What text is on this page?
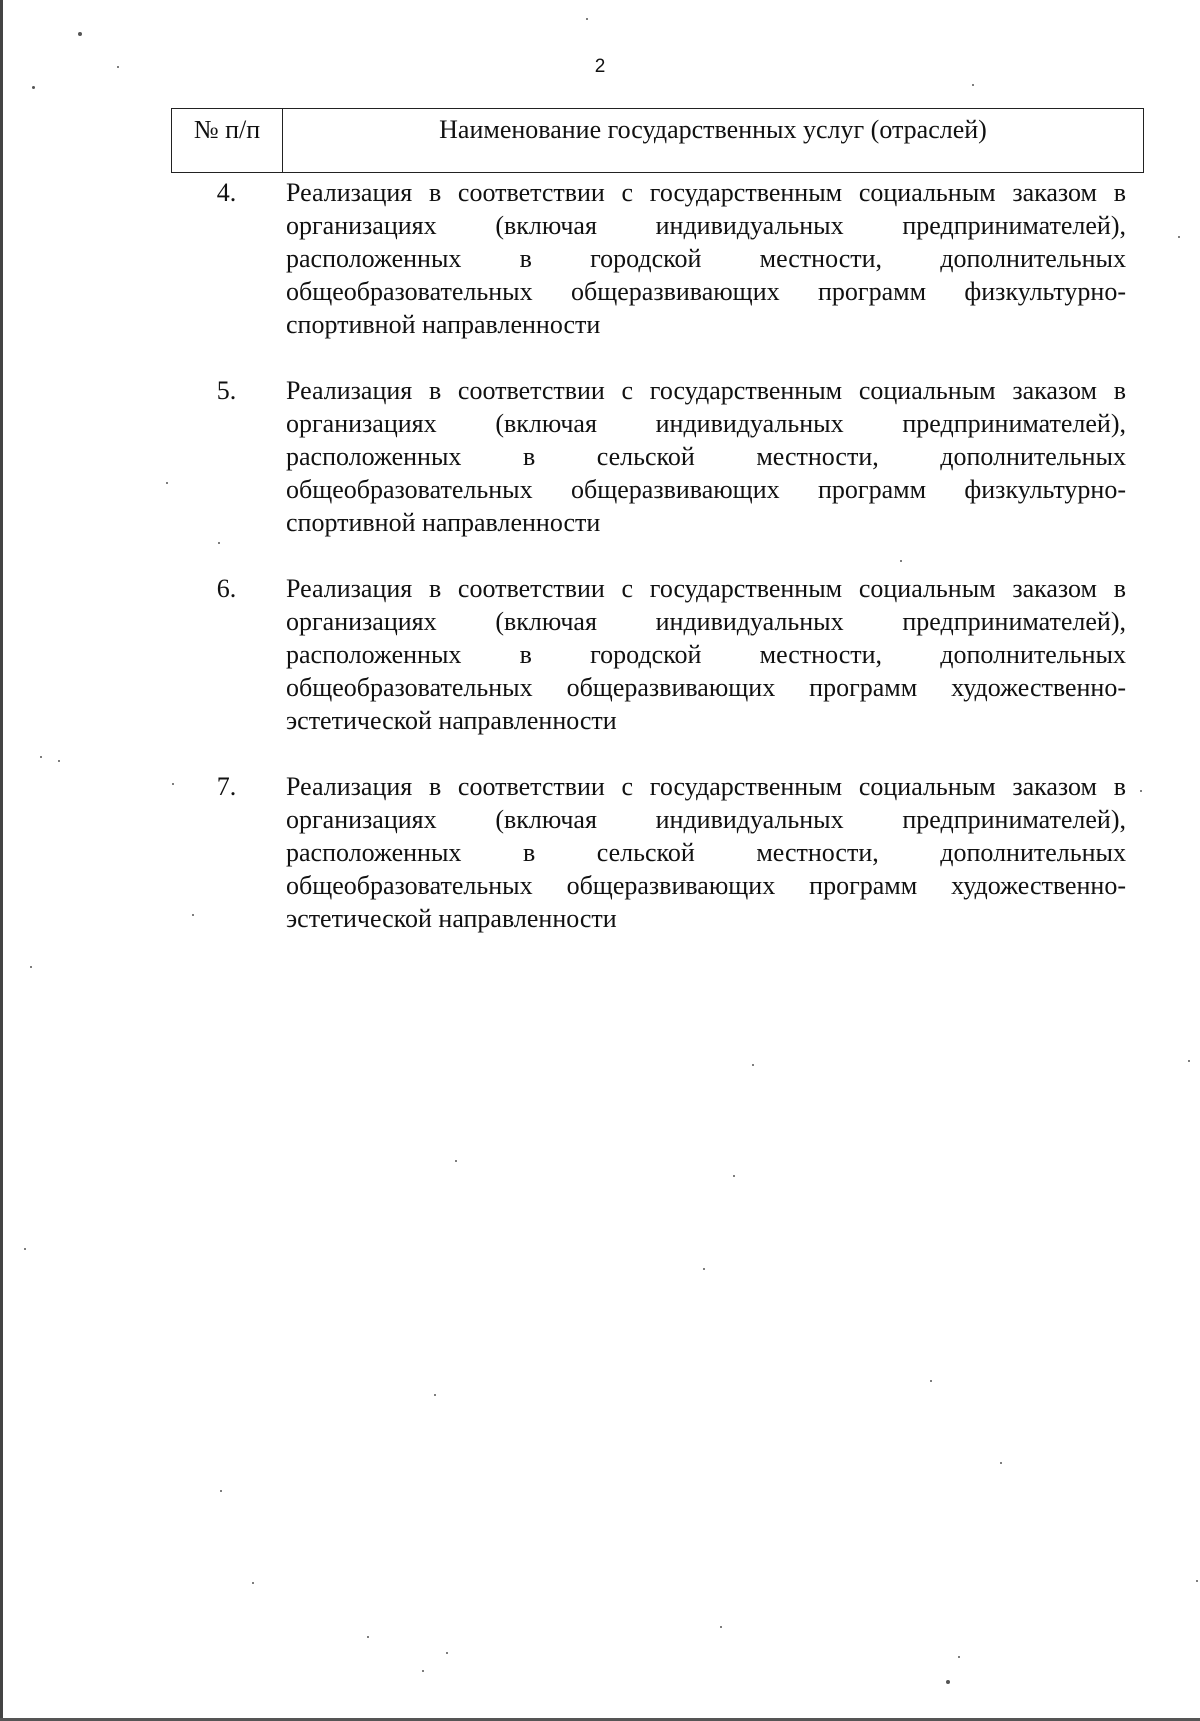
2
№ п/п	Наименование государственных услуг (отраслей)
4.	Реализация в соответствии с государственным социальным заказом в организациях (включая индивидуальных предпринимателей), расположенных в городской местности, дополнительных общеобразовательных общеразвивающих программ физкультурно-спортивной направленности
5.	Реализация в соответствии с государственным социальным заказом в организациях (включая индивидуальных предпринимателей), расположенных в сельской местности, дополнительных общеобразовательных общеразвивающих программ физкультурно-спортивной направленности
6.	Реализация в соответствии с государственным социальным заказом в организациях (включая индивидуальных предпринимателей), расположенных в городской местности, дополнительных общеобразовательных общеразвивающих программ художественно-эстетической направленности
7.	Реализация в соответствии с государственным социальным заказом в организациях (включая индивидуальных предпринимателей), расположенных в сельской местности, дополнительных общеобразовательных общеразвивающих программ художественно-эстетической направленности
